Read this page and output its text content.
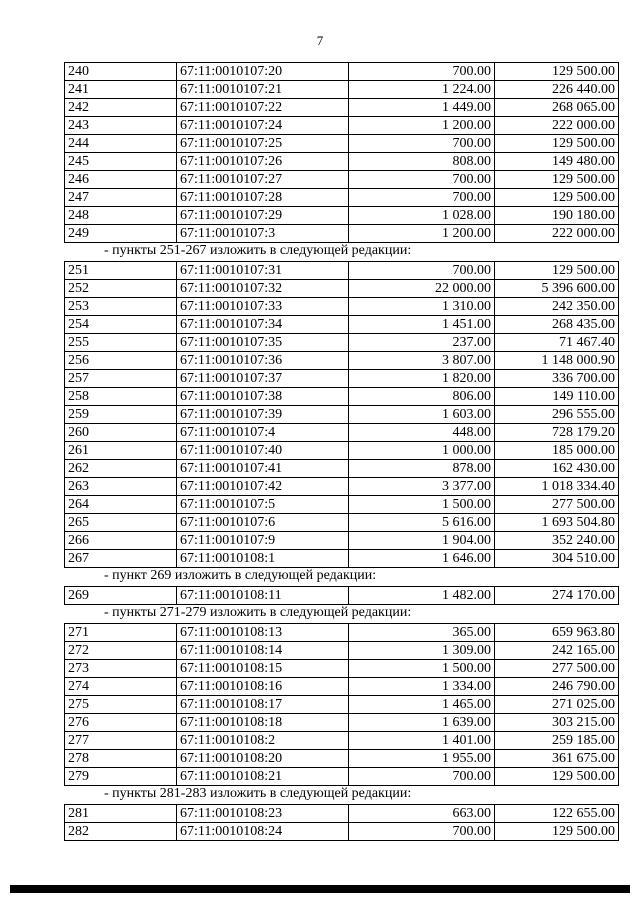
7
240	67:11:0010107:20	700.00	129 500.00
241	67:11:0010107:21	1 224.00	226 440.00
242	67:11:0010107:22	1 449.00	268 065.00
243	67:11:0010107:24	1 200.00	222 000.00
244	67:11:0010107:25	700.00	129 500.00
245	67:11:0010107:26	808.00	149 480.00
246	67:11:0010107:27	700.00	129 500.00
247	67:11:0010107:28	700.00	129 500.00
248	67:11:0010107:29	1 028.00	190 180.00
249	67:11:0010107:3	1 200.00	222 000.00
- пункты 251-267 изложить в следующей редакции:
251	67:11:0010107:31	700.00	129 500.00
252	67:11:0010107:32	22 000.00	5 396 600.00
253	67:11:0010107:33	1 310.00	242 350.00
254	67:11:0010107:34	1 451.00	268 435.00
255	67:11:0010107:35	237.00	71 467.40
256	67:11:0010107:36	3 807.00	1 148 000.90
257	67:11:0010107:37	1 820.00	336 700.00
258	67:11:0010107:38	806.00	149 110.00
259	67:11:0010107:39	1 603.00	296 555.00
260	67:11:0010107:4	448.00	728 179.20
261	67:11:0010107:40	1 000.00	185 000.00
262	67:11:0010107:41	878.00	162 430.00
263	67:11:0010107:42	3 377.00	1 018 334.40
264	67:11:0010107:5	1 500.00	277 500.00
265	67:11:0010107:6	5 616.00	1 693 504.80
266	67:11:0010107:9	1 904.00	352 240.00
267	67:11:0010108:1	1 646.00	304 510.00
- пункт 269 изложить в следующей редакции:
269	67:11:0010108:11	1 482.00	274 170.00
- пункты 271-279 изложить в следующей редакции:
271	67:11:0010108:13	365.00	659 963.80
272	67:11:0010108:14	1 309.00	242 165.00
273	67:11:0010108:15	1 500.00	277 500.00
274	67:11:0010108:16	1 334.00	246 790.00
275	67:11:0010108:17	1 465.00	271 025.00
276	67:11:0010108:18	1 639.00	303 215.00
277	67:11:0010108:2	1 401.00	259 185.00
278	67:11:0010108:20	1 955.00	361 675.00
279	67:11:0010108:21	700.00	129 500.00
- пункты 281-283 изложить в следующей редакции:
281	67:11:0010108:23	663.00	122 655.00
282	67:11:0010108:24	700.00	129 500.00
